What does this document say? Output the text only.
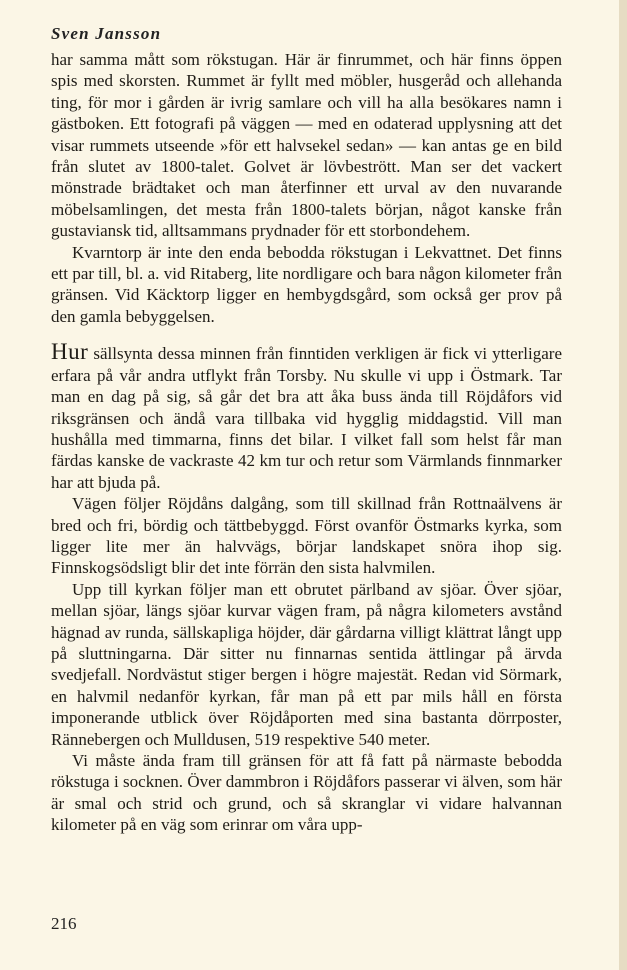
Sven Jansson

har samma mått som rökstugan. Här är finrummet, och här finns öppen spis med skorsten. Rummet är fyllt med möbler, husgeråd och allehanda ting, för mor i gården är ivrig samlare och vill ha alla besökares namn i gästboken. Ett fotografi på väggen — med en odaterad upplysning att det visar rummets utseende »för ett halvsekel sedan» — kan antas ge en bild från slutet av 1800-talet. Golvet är lövbestrött. Man ser det vackert mönstrade brädtaket och man återfinner ett urval av den nuvarande möbelsamlingen, det mesta från 1800-talets början, något kanske från gustaviansk tid, alltsammans prydnader för ett storbondehem.

Kvarntorp är inte den enda bebodda rökstugan i Lekvattnet. Det finns ett par till, bl. a. vid Ritaberg, lite nordligare och bara någon kilometer från gränsen. Vid Käcktorp ligger en hembygdsgård, som också ger prov på den gamla bebyggelsen.

Hur sällsynta dessa minnen från finntiden verkligen är fick vi ytterligare erfara på vår andra utflykt från Torsby. Nu skulle vi upp i Östmark. Tar man en dag på sig, så går det bra att åka buss ända till Röjdåfors vid riksgränsen och ändå vara tillbaka vid hygglig middagstid. Vill man hushålla med timmarna, finns det bilar. I vilket fall som helst får man färdas kanske de vackraste 42 km tur och retur som Värmlands finnmarker har att bjuda på.

Vägen följer Röjdåns dalgång, som till skillnad från Rottnaälvens är bred och fri, bördig och tättbebyggd. Först ovanför Östmarks kyrka, som ligger lite mer än halvvägs, börjar landskapet snöra ihop sig. Finnskogsödsligt blir det inte förrän den sista halvmilen.

Upp till kyrkan följer man ett obrutet pärlband av sjöar. Över sjöar, mellan sjöar, längs sjöar kurvar vägen fram, på några kilometers avstånd hägnad av runda, sällskapliga höjder, där gårdarna villigt klättrat långt upp på sluttningarna. Där sitter nu finnarnas sentida ättlingar på ärvda svedjefall. Nordvästut stiger bergen i högre majestät. Redan vid Sörmark, en halvmil nedanför kyrkan, får man på ett par mils håll en första imponerande utblick över Röjdåporten med sina bastanta dörrposter, Rännebergen och Mulldusen, 519 respektive 540 meter.

Vi måste ända fram till gränsen för att få fatt på närmaste bebodda rökstuga i socknen. Över dammbron i Röjdåfors passerar vi älven, som här är smal och strid och grund, och så skranglar vi vidare halvannan kilometer på en väg som erinrar om våra upp-

216
